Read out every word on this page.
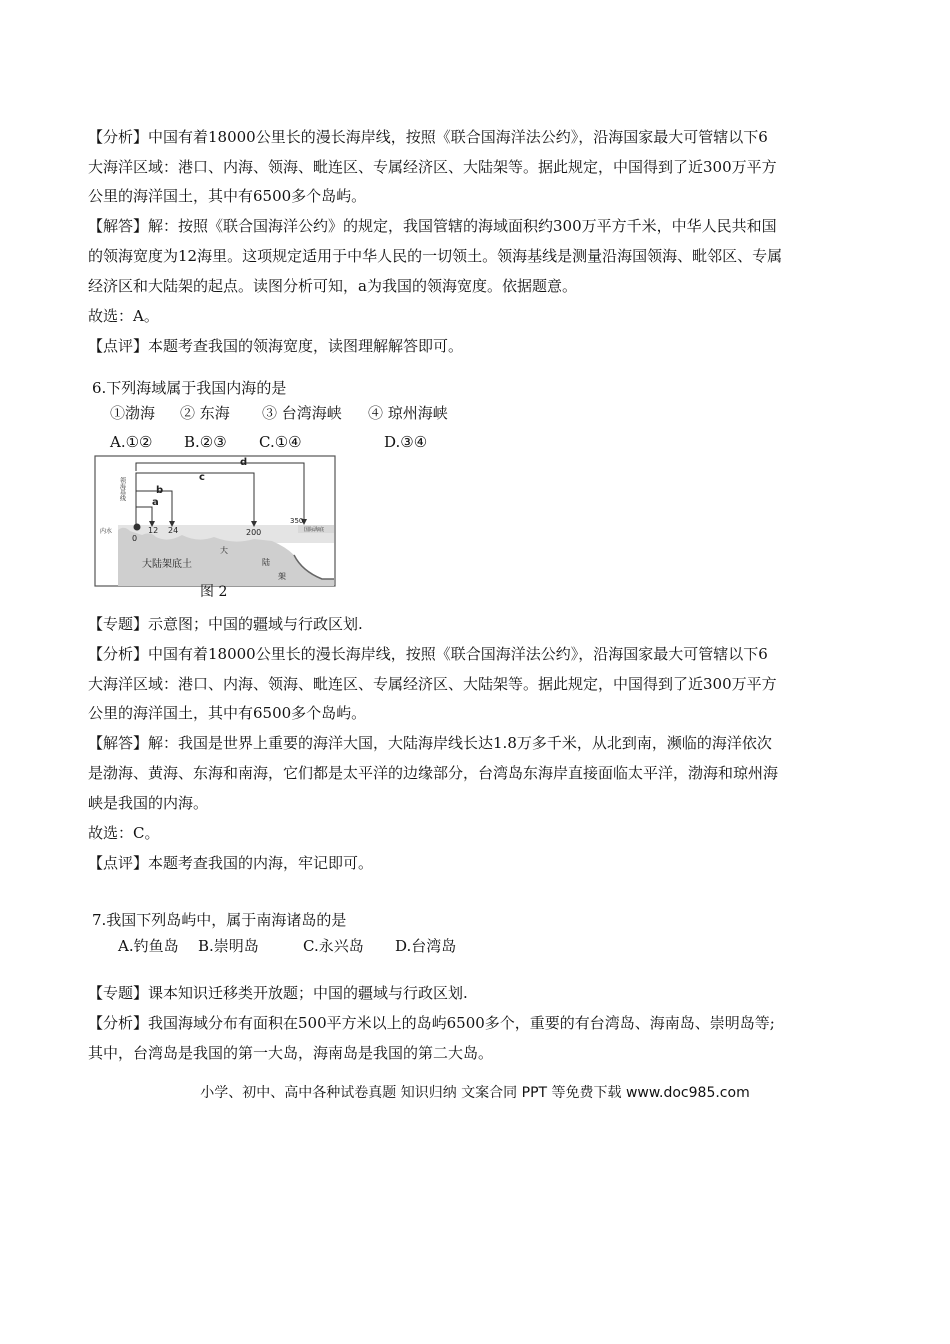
【分析】中国有着18000公里长的漫长海岸线，按照《联合国海洋法公约》，沿海国家最大可管辖以下6
大海洋区域：港口、内海、领海、毗连区、专属经济区、大陆架等。据此规定，中国得到了近300万平方
公里的海洋国土，其中有6500多个岛屿。
【解答】解：按照《联合国海洋公约》的规定，我国管辖的海域面积约300万平方千米，中华人民共和国
的领海宽度为12海里。这项规定适用于中华人民的一切领土。领海基线是测量沿海国领海、毗邻区、专属
经济区和大陆架的起点。读图分析可知，a为我国的领海宽度。依据题意。
故选：A。
【点评】本题考查我国的领海宽度，读图理解解答即可。
6.下列海域属于我国内海的是
①渤海 ② 东海 ③ 台湾海峡 ④ 琼州海峡
A.①② B.②③ C.①④	D.③④
a
b
c
d
0
12 24	200
350
大陆架底土
大
陆
架
内水	国际海底
领海基线
图 2
【专题】示意图；中国的疆域与行政区划.
【分析】中国有着18000公里长的漫长海岸线，按照《联合国海洋法公约》，沿海国家最大可管辖以下6
大海洋区域：港口、内海、领海、毗连区、专属经济区、大陆架等。据此规定，中国得到了近300万平方
公里的海洋国土，其中有6500多个岛屿。
【解答】解：我国是世界上重要的海洋大国，大陆海岸线长达1.8万多千米，从北到南，濒临的海洋依次
是渤海、黄海、东海和南海，它们都是太平洋的边缘部分，台湾岛东海岸直接面临太平洋，渤海和琼州海
峡是我国的内海。
故选：C。
【点评】本题考查我国的内海，牢记即可。
7.我国下列岛屿中，属于南海诸岛的是
A.钓鱼岛 B.崇明岛	C.永兴岛 D.台湾岛
【专题】课本知识迁移类开放题；中国的疆域与行政区划.
【分析】我国海域分布有面积在500平方米以上的岛屿6500多个，重要的有台湾岛、海南岛、崇明岛等;
其中，台湾岛是我国的第一大岛，海南岛是我国的第二大岛。
小学、初中、高中各种试卷真题 知识归纳 文案合同 PPT 等免费下载 www.doc985.com
